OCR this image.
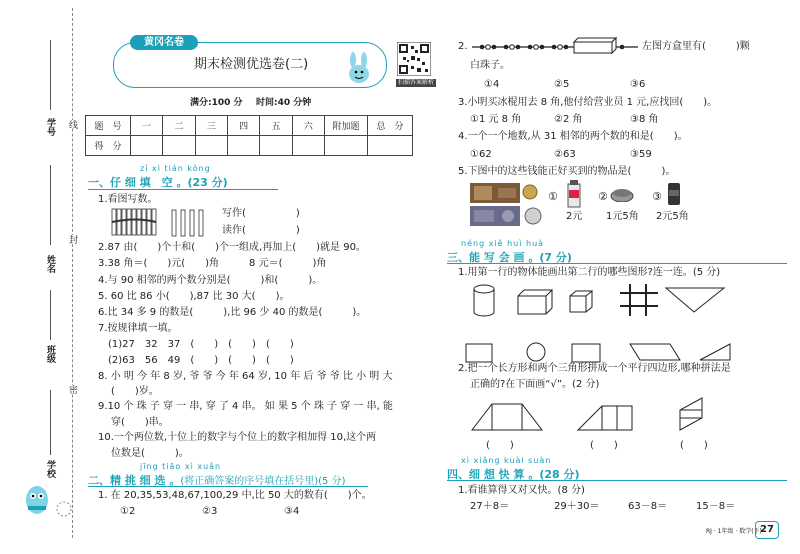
线
封
密
学号
姓名
班级
学校
黄冈名卷
期末检测优选卷(二)
扫描答案解析
满分:100 分 时间:40 分钟
题　号	一	二	三	四	五	六	附加题	总　分
得　分								
zǐ xì tián kòng
一、仔 细 填　空 。(23 分)
1.看图写数。
写作(　　　　　)
读作(　　　　　)
2.87 由(　　)个十和(　　)个一组成,再加上(　　)就是 90。
3.38 角＝(　　)元(　　)角　　　8 元＝(　　　)角
4.与 90 相邻的两个数分别是(　　　)和(　　　)。
5. 60 比 86 小(　　),87 比 30 大(　　)。
6.比 34 多 9 的数是(　　　),比 96 少 40 的数是(　　　)。
7.按规律填一填。
(1)27　32　37　(　　)　(　　)　(　　)
(2)63　56　49　(　　)　(　　)　(　　)
8. 小 明 今 年 8 岁, 爷 爷 今 年 64 岁, 10 年 后 爷 爷 比 小 明 大
(　　)岁。
9.10 个 珠 子 穿 一 串, 穿 了 4 串。 如 果 5 个 珠 子 穿 一 串, 能
穿(　　)串。
10.一个两位数,十位上的数字与个位上的数字相加得 10,这个两
位数是(　　　)。
jīng tiāo xì xuǎn
二、精 挑 细 选 。(将正确答案的序号填在括号里)(5 分)
1. 在 20,35,53,48,67,100,29 中,比 50 大的数有(　　)个。
①2	②3	③4
2.	左图方盒里有(　　　)颗
白珠子。
①4	②5	③6
3.小明买冰棍用去 8 角,他付给营业员 1 元,应找回(　　)。
①1 元 8 角	②2 角	③8 角
4.一个一个地数,从 31 相邻的两个数的和是(　　)。
①62	②63	③59
5.下图中的这些钱能正好买到的物品是(　　　)。
①
2元
②
1元5角
③
2元5角
néng xiě huì huà
三、能 写 会 画 。(7 分)
1.用第一行的物体能画出第二行的哪些图形?连一连。(5 分)
2.把一个长方形和两个三角形拼成一个平行四边形,哪种拼法是
正确的?在下面画“√”。(2 分)
(　　)	(　　)	(　　)
xì xiǎng kuài suàn
四、细 想 快 算 。(28 分)
1.看谁算得又对又快。(8 分)
27＋8＝	29＋30＝	63－8＝	15－8＝
RJ · 1年级 · 数学(下)
27
